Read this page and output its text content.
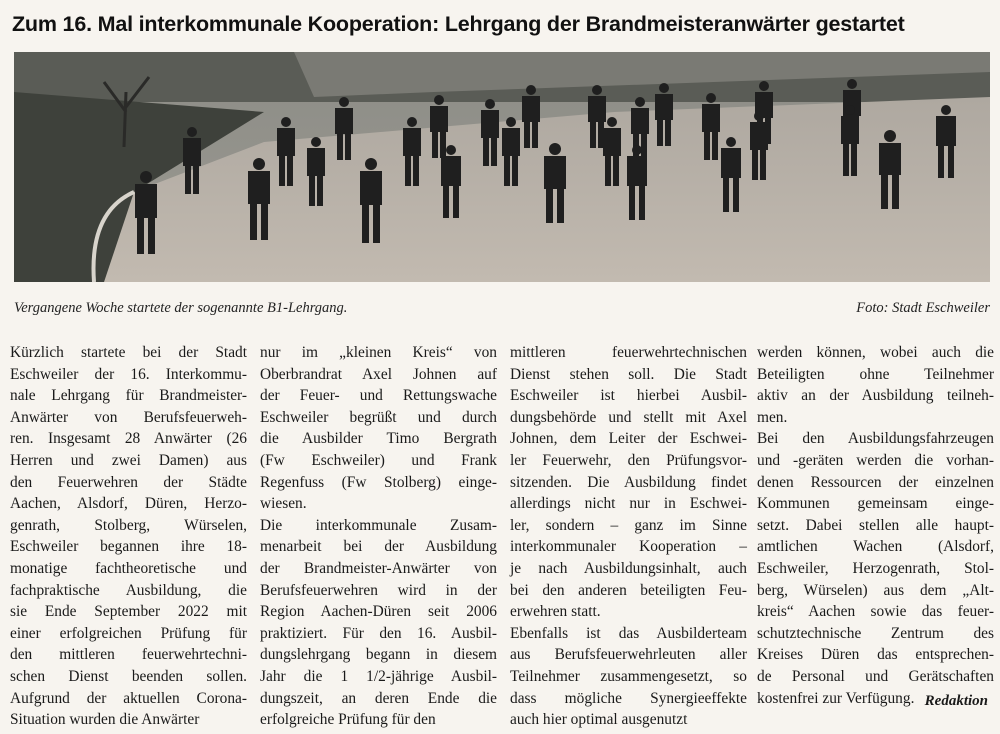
Zum 16. Mal interkommunale Kooperation: Lehrgang der Brandmeisteranwärter gestartet
Vergangene Woche startete der sogenannte B1-Lehrgang.	Foto: Stadt Eschweiler
Kürzlich startete bei der Stadt
Eschweiler der 16. Interkommu-
nale Lehrgang für Brandmeister-
Anwärter von Berufsfeuerweh-
ren. Insgesamt 28 Anwärter (26
Herren und zwei Damen) aus
den Feuerwehren der Städte
Aachen, Alsdorf, Düren, Herzo-
genrath, Stolberg, Würselen,
Eschweiler begannen ihre 18-
monatige fachtheoretische und
fachpraktische Ausbildung, die
sie Ende September 2022 mit
einer erfolgreichen Prüfung für
den mittleren feuerwehrtechni-
schen Dienst beenden sollen.
Aufgrund der aktuellen Corona-
Situation wurden die Anwärter
nur im „kleinen Kreis“ von
Oberbrandrat Axel Johnen auf
der Feuer- und Rettungswache
Eschweiler begrüßt und durch
die Ausbilder Timo Bergrath
(Fw Eschweiler) und Frank
Regenfuss (Fw Stolberg) einge-
wiesen.
Die interkommunale Zusam-
menarbeit bei der Ausbildung
der Brandmeister-Anwärter von
Berufsfeuerwehren wird in der
Region Aachen-Düren seit 2006
praktiziert. Für den 16. Ausbil-
dungslehrgang begann in diesem
Jahr die 1 1/2-jährige Ausbil-
dungszeit, an deren Ende die
erfolgreiche Prüfung für den
mittleren feuerwehrtechnischen
Dienst stehen soll. Die Stadt
Eschweiler ist hierbei Ausbil-
dungsbehörde und stellt mit Axel
Johnen, dem Leiter der Eschwei-
ler Feuerwehr, den Prüfungsvor-
sitzenden. Die Ausbildung findet
allerdings nicht nur in Eschwei-
ler, sondern – ganz im Sinne
interkommunaler Kooperation –
je nach Ausbildungsinhalt, auch
bei den anderen beteiligten Feu-
erwehren statt.
Ebenfalls ist das Ausbilderteam
aus Berufsfeuerwehrleuten aller
Teilnehmer zusammengesetzt, so
dass mögliche Synergieeffekte
auch hier optimal ausgenutzt
werden können, wobei auch die
Beteiligten ohne Teilnehmer
aktiv an der Ausbildung teilneh-
men.
Bei den Ausbildungsfahrzeugen
und -geräten werden die vorhan-
denen Ressourcen der einzelnen
Kommunen gemeinsam einge-
setzt. Dabei stellen alle haupt-
amtlichen Wachen (Alsdorf,
Eschweiler, Herzogenrath, Stol-
berg, Würselen) aus dem „Alt-
kreis“ Aachen sowie das feuer-
schutztechnische Zentrum des
Kreises Düren das entsprechen-
de Personal und Gerätschaften
kostenfrei zur Verfügung. Redaktion
